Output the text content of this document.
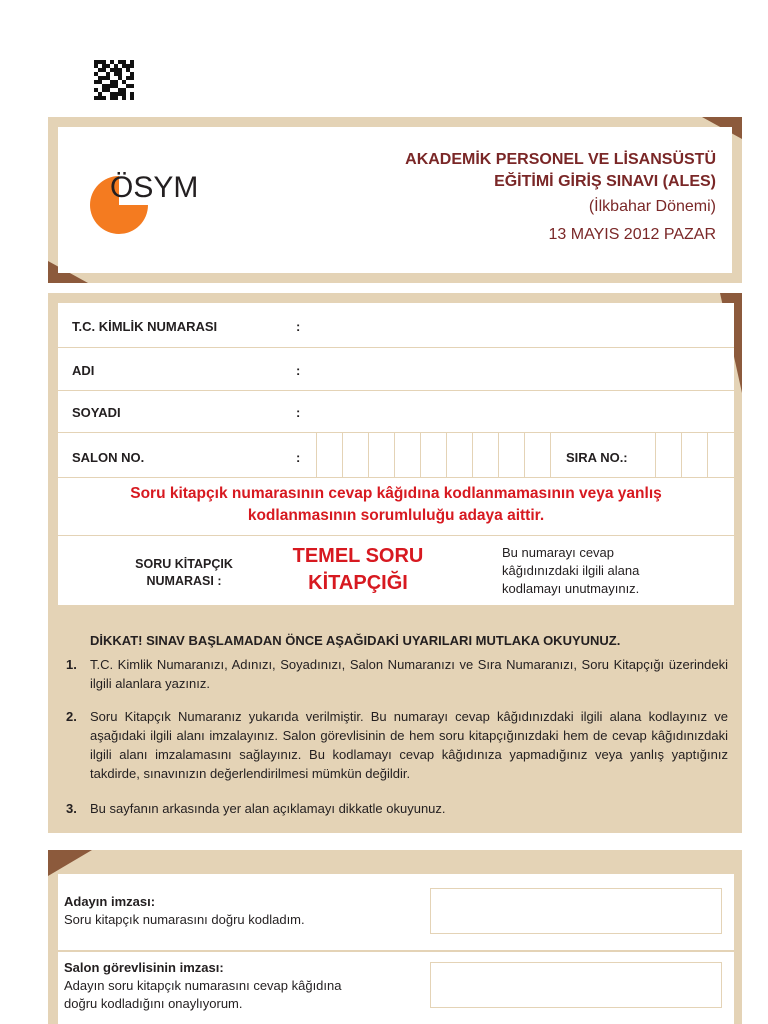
ÖSYM
AKADEMİK PERSONEL VE LİSANSÜSTÜ
EĞİTİMİ GİRİŞ SINAVI (ALES)
(İlkbahar Dönemi)
13 MAYIS 2012 PAZAR
T.C. KİMLİK NUMARASI	:
ADI	:
SOYADI	:
SALON NO.	:	SIRA NO.:
Soru kitapçık numarasının cevap kâğıdına kodlanmamasının veya yanlış
kodlanmasının sorumluluğu adaya aittir.
SORU KİTAPÇIK
NUMARASI :
TEMEL SORU
KİTAPÇIĞI
Bu numarayı cevap
kâğıdınızdaki ilgili alana
kodlamayı unutmayınız.
DİKKAT! SINAV BAŞLAMADAN ÖNCE AŞAĞIDAKİ UYARILARI MUTLAKA OKUYUNUZ.
1. T.C. Kimlik Numaranızı, Adınızı, Soyadınızı, Salon Numaranızı ve Sıra Numaranızı, Soru Kitapçığı üzerindeki ilgili alanlara yazınız.
2. Soru Kitapçık Numaranız yukarıda verilmiştir. Bu numarayı cevap kâğıdınızdaki ilgili alana kodlayınız ve aşağıdaki ilgili alanı imzalayınız. Salon görevlisinin de hem soru kitapçığınızdaki hem de cevap kâğıdınızdaki ilgili alanı imzalamasını sağlayınız. Bu kodlamayı cevap kâğıdınıza yapmadığınız veya yanlış yaptığınız takdirde, sınavınızın değerlendirilmesi mümkün değildir.
3. Bu sayfanın arkasında yer alan açıklamayı dikkatle okuyunuz.
Adayın imzası:
Soru kitapçık numarasını doğru kodladım.
Salon görevlisinin imzası:
Adayın soru kitapçık numarasını cevap kâğıdına
doğru kodladığını onaylıyorum.
